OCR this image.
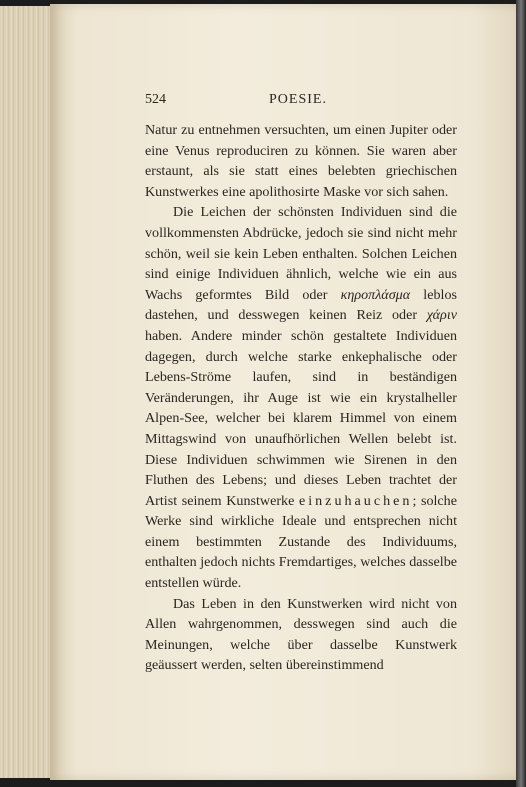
524	POESIE.

Natur zu entnehmen versuchten, um einen Jupiter oder eine Venus reproduciren zu können. Sie waren aber erstaunt, als sie statt eines belebten griechischen Kunstwerkes eine apolithosirte Maske vor sich sahen.

Die Leichen der schönsten Individuen sind die vollkommensten Abdrücke, jedoch sie sind nicht mehr schön, weil sie kein Leben enthalten. Solchen Leichen sind einige Individuen ähnlich, welche wie ein aus Wachs geformtes Bild oder κηροπλάσμα leblos dastehen, und desswegen keinen Reiz oder χάριν haben. Andere minder schön gestaltete Individuen dagegen, durch welche starke enkephalische oder Lebens-Ströme laufen, sind in beständigen Veränderungen, ihr Auge ist wie ein krystalheller Alpen-See, welcher bei klarem Himmel von einem Mittagswind von unaufhörlichen Wellen belebt ist. Diese Individuen schwimmen wie Sirenen in den Fluthen des Lebens; und dieses Leben trachtet der Artist seinem Kunstwerke einzuhauchen; solche Werke sind wirkliche Ideale und entsprechen nicht einem bestimmten Zustande des Individuums, enthalten jedoch nichts Fremdartiges, welches dasselbe entstellen würde.

Das Leben in den Kunstwerken wird nicht von Allen wahrgenommen, desswegen sind auch die Meinungen, welche über dasselbe Kunstwerk geäussert werden, selten übereinstimmend
